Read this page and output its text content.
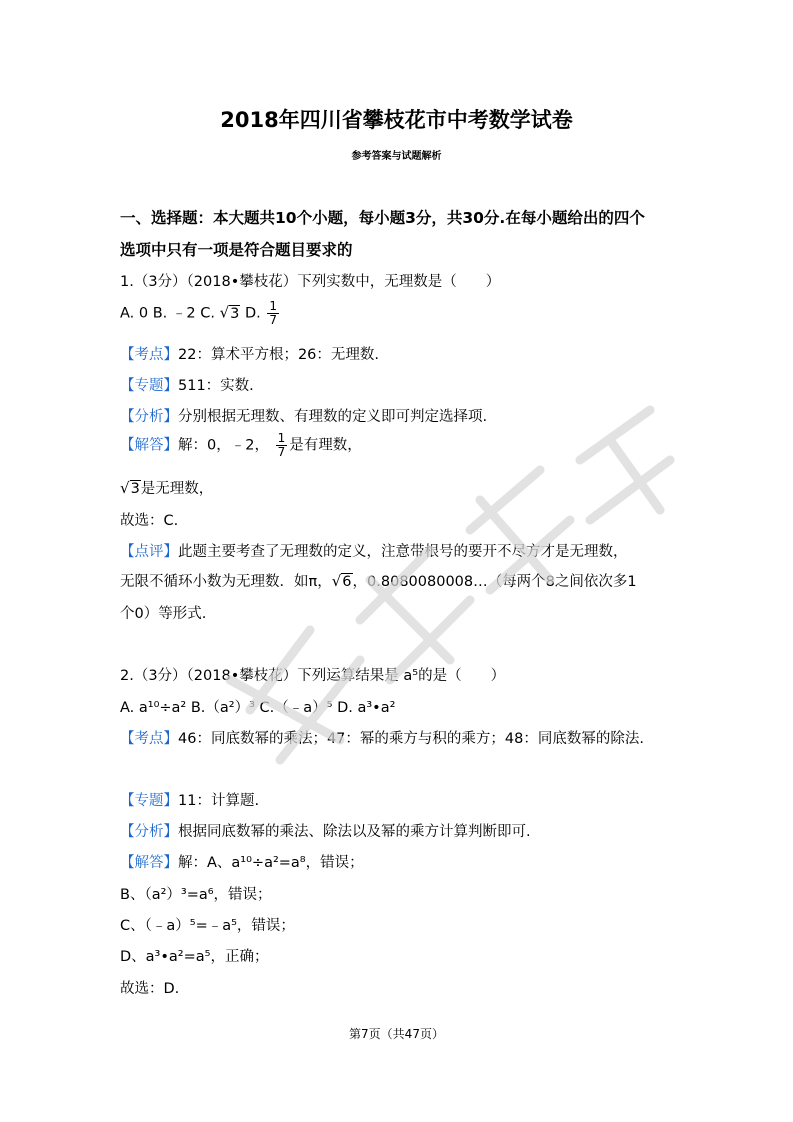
2018年四川省攀枝花市中考数学试卷
参考答案与试题解析
一、选择题：本大题共10个小题，每小题3分，共30分.在每小题给出的四个
选项中只有一项是符合题目要求的
1.（3分）（2018•攀枝花）下列实数中，无理数是（　　）
A. 0 B. ﹣2 C. √3 D. $\frac{1}{7}$
【考点】22：算术平方根；26：无理数.
【专题】511：实数.
【分析】分别根据无理数、有理数的定义即可判定选择项.
【解答】解：0，﹣2， $\frac{1}{7}$ 是有理数，
√3是无理数，
故选：C.
【点评】此题主要考查了无理数的定义，注意带根号的要开不尽方才是无理数，
无限不循环小数为无理数．如π，√6，0.8080080008…（每两个8之间依次多1
个0）等形式.
2.（3分）（2018•攀枝花）下列运算结果是 a⁵的是（　　）
A. a¹⁰÷a² B.（a²）³ C.（﹣a）⁵ D. a³•a²
【考点】46：同底数幂的乘法；47：幂的乘方与积的乘方；48：同底数幂的除法.
【专题】11：计算题.
【分析】根据同底数幂的乘法、除法以及幂的乘方计算判断即可.
【解答】解：A、a¹⁰÷a²=a⁸，错误；
B、（a²）³=a⁶，错误；
C、（﹣a）⁵=﹣a⁵，错误；
D、a³•a²=a⁵，正确；
故选：D.
第7页（共47页）
